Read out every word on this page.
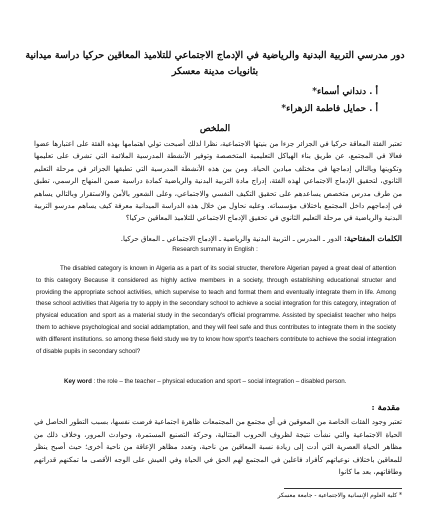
دور مدرسي التربية البدنية والرياضية في الإدماج الاجتماعي للتلاميذ المعاقين حركيا دراسة ميدانية بثانويات مدينة معسكر
أ . دنداني أسماء*
أ . حمايل فاطمة الزهراء*
الملخص
تعتبر الفئة المعاقة حركيا في الجزائر جزءا من بنيتها الاجتماعية، نظرا لذلك أصبحت تولي اهتمامها بهذه الفئة على اعتبارها عضوا فعالا في المجتمع، عن طريق بناء الهياكل التعليمية المتخصصة وتوفير الأنشطة المدرسية الملائمة التي تشرف على تعليمها وتكوينها وبالتالي إدماجها في مختلف ميادين الحياة. ومن بين هذه الأنشطة المدرسية التي تطبقها الجزائر في مرحلة التعليم الثانوي، لتحقيق الإدماج الاجتماعي لهذه الفئة، إدراج مادة التربية البدنية والرياضية كمادة دراسية ضمن المنهاج الرسمي، تطبق من طرف مدرس متخصص يساعدهم على تحقيق التكيف النفسي والاجتماعي، وعلى الشعور بالأمن والاستقرار وبالتالي يساهم في إدماجهم داخل المجتمع باختلاف مؤسساته. وعليه نحاول من خلال هذه الدراسة الميدانية معرفة كيف يساهم مدرسو التربية البدنية والرياضية في مرحلة التعليم الثانوي في تحقيق الإدماج الاجتماعي للتلاميذ المعاقين حركيا؟
الكلمات المفتاحية: الدور ـ المدرس ـ التربية البدنية والرياضية ـ الإدماج الاجتماعي ـ المعاق حركيا.
Research summary in English :
The disabled category is known in Algeria as a part of its social structer, therefore Algerian payed a great deal of attention to this category Because it considered as highly active members in a society, through establishing educational structer and providing the appropriate school activities, which supervise to teach and format them and eventually integrate them in life. Among these school activities that Algeria try to apply in the secondary school to achieve a social integration for this category, integration of physical education and sport as a material study in the secondary's official programme. Assisted by specialist teacher who helps them to achieve psychological and social addamptation, and they will feel safe and thus contributes to integrate them in the society with different institutions. so among these field study we try to know how sport's teachers contribute to achieve the social integration of disable pupils in secondary school?
Key word : the role – the teacher – physical education and sport – social integration – disabled person.
مقدمة :
تعتبر وجود الفئات الخاصة من المعوقين في أي مجتمع من المجتمعات ظاهرة اجتماعية فرضت نفسها، بسبب التطور الحاصل في الحياة الاجتماعية والتي نشأت نتيجة لظروف الحروب المتتالية، وحركة التصنيع المستمرة، وحوادث المرور، وخلاف ذلك من مظاهر الحياة العصرية التي أدت إلى زيادة نسبة المعاقين من ناحية، وتعدد مظاهر الإعاقة من ناحية أخرى؛ حيث أصبح ينظر للمعاقين باختلاف نوعياتهم كأفراد فاعلين في المجتمع لهم الحق في الحياة وفي العيش على الوجه الأقصى ما تمكنهم قدراتهم وطاقاتهم، بعد ما كانوا
* كلية العلوم الإنسانية والاجتماعية - جامعة معسكر
